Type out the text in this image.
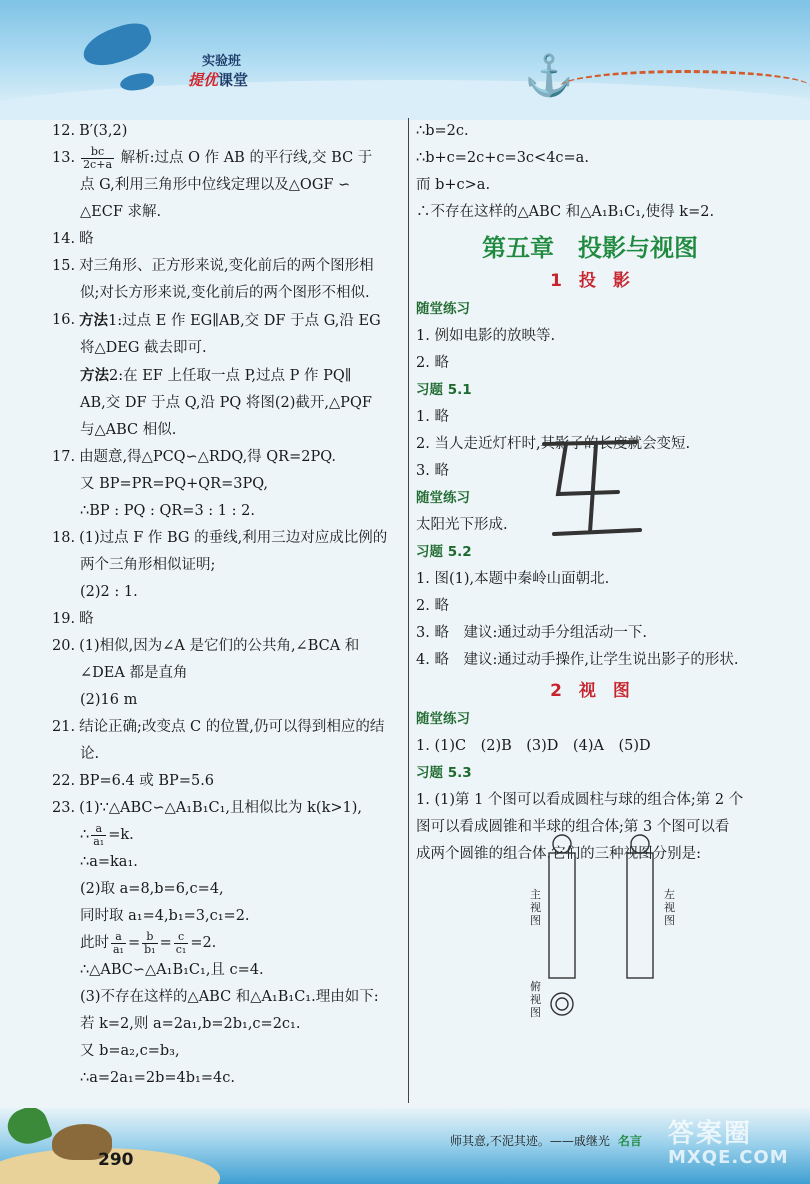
实验班
提优课堂	⚓
12. B′(3,2)
13. $\frac{bc}{2c+a}$ 解析:过点 O 作 AB 的平行线,交 BC 于
点 G,利用三角形中位线定理以及△OGF ∽
△ECF 求解.
14. 略
15. 对三角形、正方形来说,变化前后的两个图形相
似;对长方形来说,变化前后的两个图形不相似.
16. 方法1:过点 E 作 EG∥AB,交 DF 于点 G,沿 EG
将△DEG 截去即可.
方法2:在 EF 上任取一点 P,过点 P 作 PQ∥
AB,交 DF 于点 Q,沿 PQ 将图(2)截开,△PQF
与△ABC 相似.
17. 由题意,得△PCQ∽△RDQ,得 QR=2PQ.
又 BP=PR=PQ+QR=3PQ,
∴BP : PQ : QR=3 : 1 : 2.
18. (1)过点 F 作 BG 的垂线,利用三边对应成比例的
两个三角形相似证明;
(2)2 : 1.
19. 略
20. (1)相似,因为∠A 是它们的公共角,∠BCA 和
∠DEA 都是直角
(2)16 m
21. 结论正确;改变点 C 的位置,仍可以得到相应的结
论.
22. BP=6.4 或 BP=5.6
23. (1)∵△ABC∽△A₁B₁C₁,且相似比为 k(k>1),
∴ $\frac{a}{\text{a₁}} =k$.
∴a=ka₁.
(2)取 a=8,b=6,c=4,
同时取 a₁=4,b₁=3,c₁=2.
此时 $\frac{a}{\text{a₁}} = \frac{b}{\text{b₁}} = \frac{c}{\text{c₁}} =2$.
∴△ABC∽△A₁B₁C₁,且 c=4.
(3)不存在这样的△ABC 和△A₁B₁C₁.理由如下:
若 k=2,则 a=2a₁,b=2b₁,c=2c₁.
又 b=a₂,c=b₃,
∴a=2a₁=2b=4b₁=4c.
∴b=2c.
∴b+c=2c+c=3c<4c=a.
而 b+c>a.
∴不存在这样的△ABC 和△A₁B₁C₁,使得 k=2.
第五章　投影与视图
1　投　影
随堂练习
1. 例如电影的放映等.
2. 略
习题 5.1
1. 略
2. 当人走近灯杆时,其影子的长度就会变短.
3. 略
随堂练习
太阳光下形成.
习题 5.2
1. 图(1),本题中秦岭山面朝北.
2. 略
3. 略　建议:通过动手分组活动一下.
4. 略　建议:通过动手操作,让学生说出影子的形状.
2　视　图
随堂练习
1. (1)C　(2)B　(3)D　(4)A　(5)D
习题 5.3
1. (1)第 1 个图可以看成圆柱与球的组合体;第 2 个
图可以看成圆锥和半球的组合体;第 3 个图可以看
成两个圆锥的组合体.它们的三种视图分别是:
主视图
左视图
俯视图
290
师其意,不泥其迹。——戚继光 名言 答案圈
MXQE.COM
